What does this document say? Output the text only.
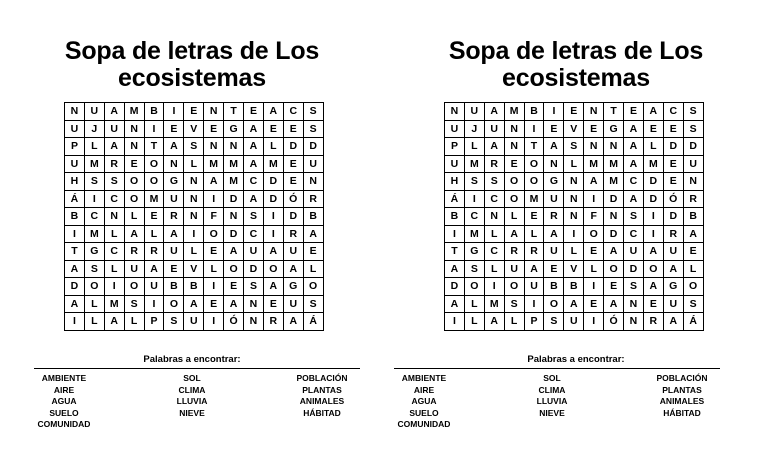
Sopa de letras de Los ecosistemas
N	U	A	M	B	I	E	N	T	E	A	C	S
U	J	U	N	I	E	V	E	G	A	E	E	S
P	L	A	N	T	A	S	N	N	A	L	D	D
U	M	R	E	O	N	L	M	M	A	M	E	U
H	S	S	O	O	G	N	A	M	C	D	E	N
Á	I	C	O	M	U	N	I	D	A	D	Ó	R
B	C	N	L	E	R	N	F	N	S	I	D	B
I	M	L	A	L	A	I	O	D	C	I	R	A
T	G	C	R	R	U	L	E	A	U	A	U	E
A	S	L	U	A	E	V	L	O	D	O	A	L
D	O	I	O	U	B	B	I	E	S	A	G	O
A	L	M	S	I	O	A	E	A	N	E	U	S
I	L	A	L	P	S	U	I	Ó	N	R	A	Á
Palabras a encontrar:
AMBIENTE
AIRE
AGUA
SUELO
COMUNIDAD
SOL
CLIMA
LLUVIA
NIEVE
POBLACIÓN
PLANTAS
ANIMALES
HÁBITAD
Sopa de letras de Los ecosistemas
N	U	A	M	B	I	E	N	T	E	A	C	S
U	J	U	N	I	E	V	E	G	A	E	E	S
P	L	A	N	T	A	S	N	N	A	L	D	D
U	M	R	E	O	N	L	M	M	A	M	E	U
H	S	S	O	O	G	N	A	M	C	D	E	N
Á	I	C	O	M	U	N	I	D	A	D	Ó	R
B	C	N	L	E	R	N	F	N	S	I	D	B
I	M	L	A	L	A	I	O	D	C	I	R	A
T	G	C	R	R	U	L	E	A	U	A	U	E
A	S	L	U	A	E	V	L	O	D	O	A	L
D	O	I	O	U	B	B	I	E	S	A	G	O
A	L	M	S	I	O	A	E	A	N	E	U	S
I	L	A	L	P	S	U	I	Ó	N	R	A	Á
Palabras a encontrar:
AMBIENTE
AIRE
AGUA
SUELO
COMUNIDAD
SOL
CLIMA
LLUVIA
NIEVE
POBLACIÓN
PLANTAS
ANIMALES
HÁBITAD
